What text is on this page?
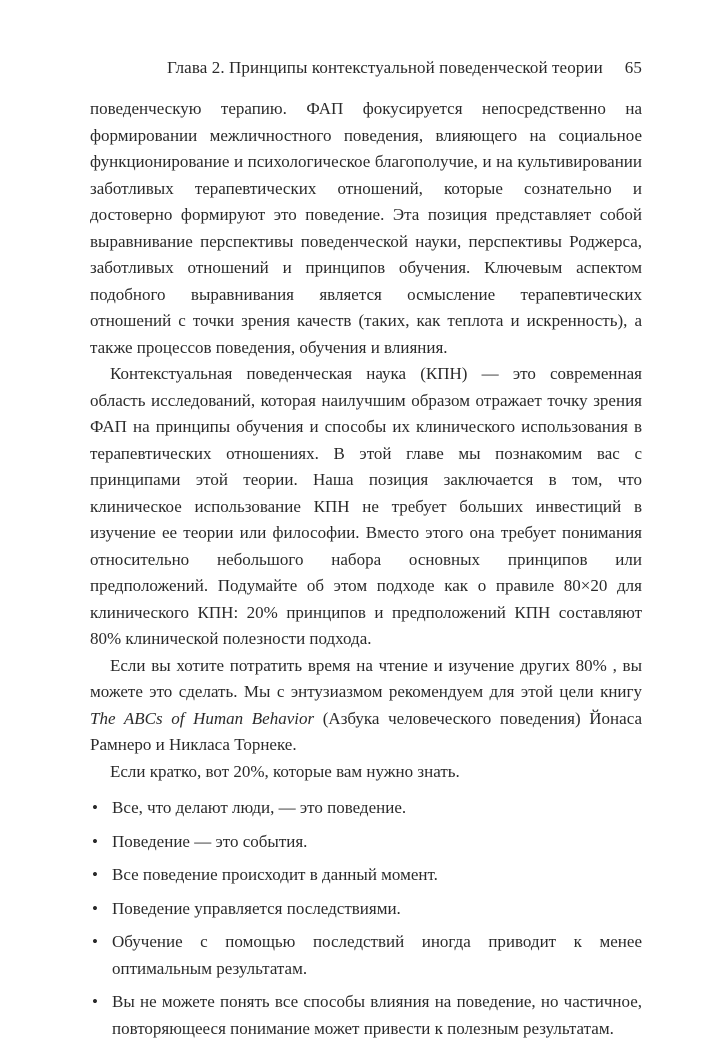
Глава 2. Принципы контекстуальной поведенческой теории 65

поведенческую терапию. ФАП фокусируется непосредственно на формировании межличностного поведения, влияющего на социальное функционирование и психологическое благополучие, и на культивировании заботливых терапевтических отношений, которые сознательно и достоверно формируют это поведение. Эта позиция представляет собой выравнивание перспективы поведенческой науки, перспективы Роджерса, заботливых отношений и принципов обучения. Ключевым аспектом подобного выравнивания является осмысление терапевтических отношений с точки зрения качеств (таких, как теплота и искренность), а также процессов поведения, обучения и влияния.

Контекстуальная поведенческая наука (КПН) — это современная область исследований, которая наилучшим образом отражает точку зрения ФАП на принципы обучения и способы их клинического использования в терапевтических отношениях. В этой главе мы познакомим вас с принципами этой теории. Наша позиция заключается в том, что клиническое использование КПН не требует больших инвестиций в изучение ее теории или философии. Вместо этого она требует понимания относительно небольшого набора основных принципов или предположений. Подумайте об этом подходе как о правиле 80×20 для клинического КПН: 20% принципов и предположений КПН составляют 80% клинической полезности подхода.

Если вы хотите потратить время на чтение и изучение других 80% , вы можете это сделать. Мы с энтузиазмом рекомендуем для этой цели книгу The ABCs of Human Behavior (Азбука человеческого поведения) Йонаса Рамнеро и Никласа Торнеке.

Если кратко, вот 20%, которые вам нужно знать.

• Все, что делают люди, — это поведение.
• Поведение — это события.
• Все поведение происходит в данный момент.
• Поведение управляется последствиями.
• Обучение с помощью последствий иногда приводит к менее оптимальным результатам.
• Вы не можете понять все способы влияния на поведение, но частичное, повторяющееся понимание может привести к полезным результатам.
